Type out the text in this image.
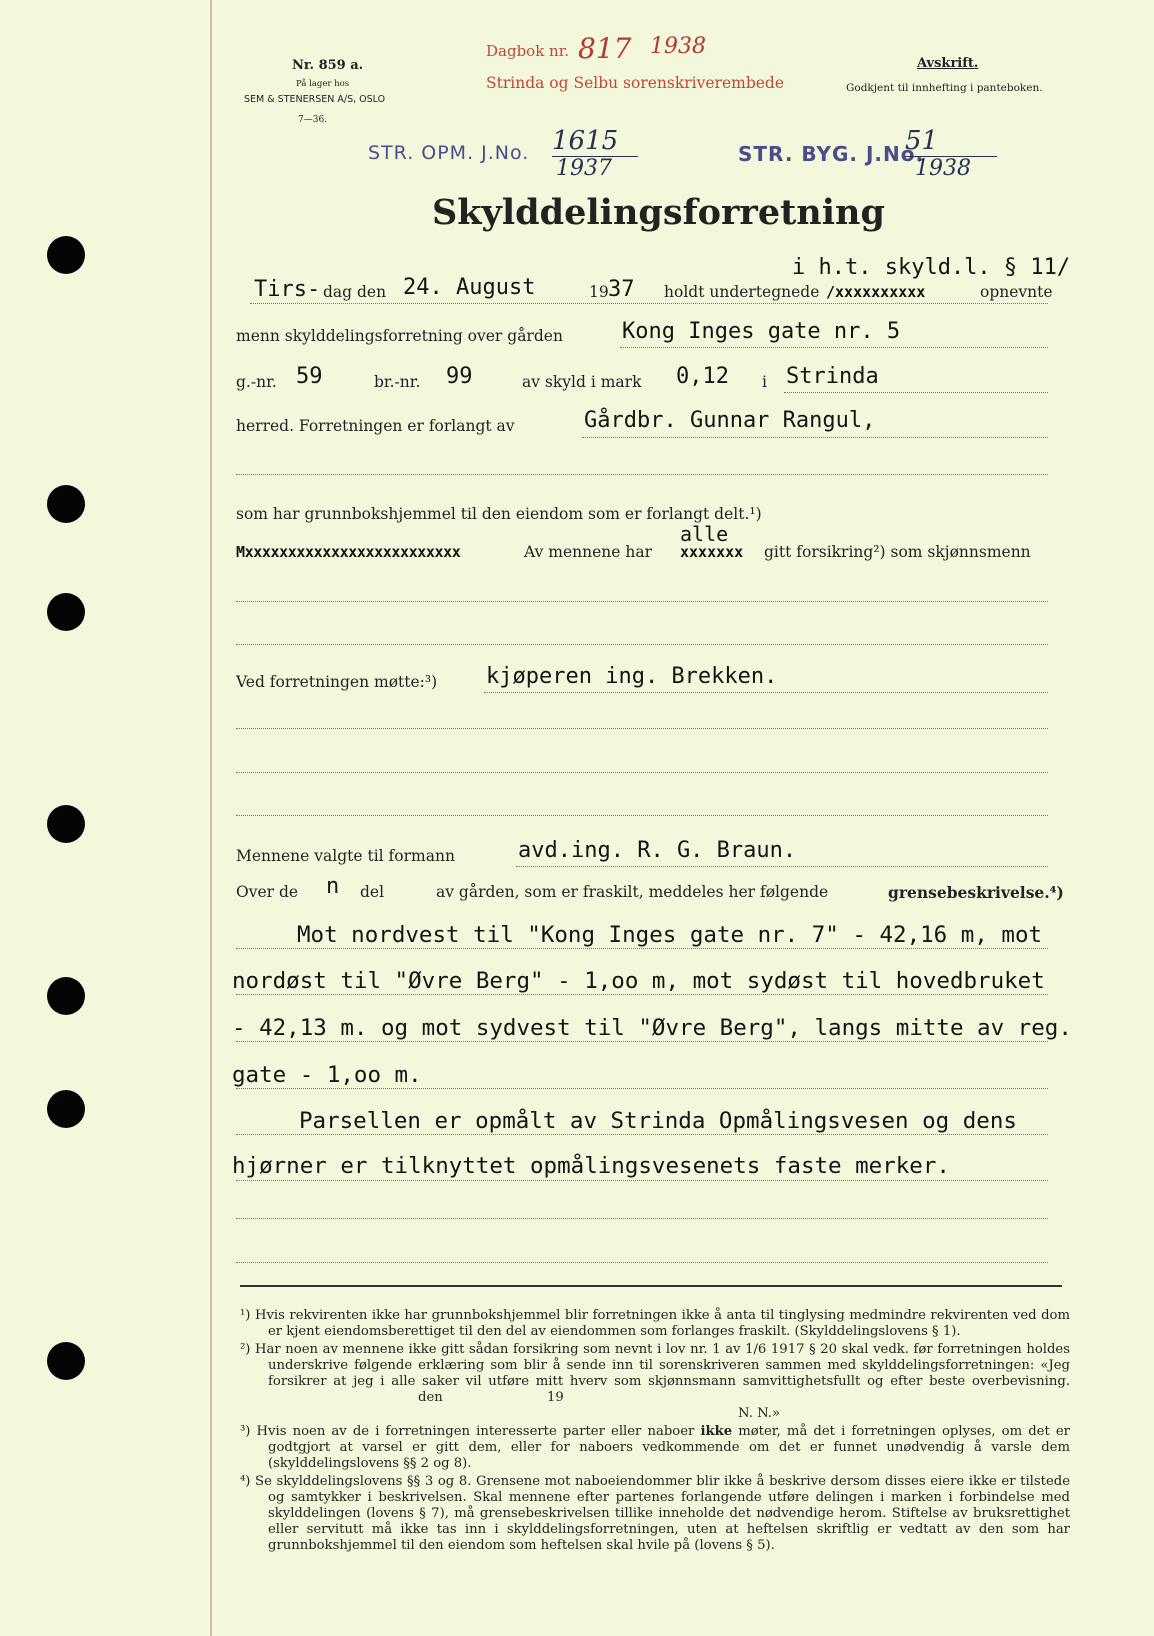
Nr. 859 a.
På lager hos
SEM & STENERSEN A/S, OSLO
7—36.
Dagbok nr. 817 1938
Strinda og Selbu sorenskriverembede
Avskrift.
Godkjent til innhefting i panteboken.
STR. OPM. J.No. 1615
1937
STR. BYG. J.No.
51
1938
Skylddelingsforretning
i h.t. skyld.l. § 11/
Tirs- dag den 24. August	19 37 holdt undertegnede /xxxxxxxxxx	opnevnte
menn skylddelingsforretning over gården	Kong Inges gate nr. 5
g.-nr. 59	br.-nr. 99	av skyld i mark 0,12 i Strinda
herred. Forretningen er forlangt av	Gårdbr. Gunnar Rangul,
som har grunnbokshjemmel til den eiendom som er forlangt delt.¹)
alle
Mxxxxxxxxxxxxxxxxxxxxxxxxx	Av mennene har xxxxxxx gitt forsikring²) som skjønnsmenn
Ved forretningen møtte:³) kjøperen ing. Brekken.
Mennene valgte til formann	avd.ing. R. G. Braun.
Over de n del	av gården, som er fraskilt, meddeles her følgende	grensebeskrivelse.⁴)
Mot nordvest til "Kong Inges gate nr. 7" - 42,16 m, mot
nordøst til "Øvre Berg" - 1,oo m, mot sydøst til hovedbruket
- 42,13 m. og mot sydvest til "Øvre Berg", langs mitte av reg.
gate - 1,oo m.
Parsellen er opmålt av Strinda Opmålingsvesen og dens
hjørner er tilknyttet opmålingsvesenets faste merker.

¹) Hvis rekvirenten ikke har grunnbokshjemmel blir forretningen ikke å anta til tinglysing medmindre rekvirenten ved dom er kjent eiendomsberettiget til den del av eiendommen som forlanges fraskilt. (Skylddelingslovens § 1).

²) Har noen av mennene ikke gitt sådan forsikring som nevnt i lov nr. 1 av 1/6 1917 § 20 skal vedk. før forretningen holdes underskrive følgende erklæring som blir å sende inn til sorenskriveren sammen med skylddelingsforretningen: «Jeg forsikrer at jeg i alle saker vil utføre mitt hverv som skjønnsmann samvittighetsfullt og efter beste overbevisning. den	19
N. N.»

³) Hvis noen av de i forretningen interesserte parter eller naboer ikke møter, må det i forretningen oplyses, om det er godtgjort at varsel er gitt dem, eller for naboers vedkommende om det er funnet unødvendig å varsle dem (skylddelingslovens §§ 2 og 8).

⁴) Se skylddelingslovens §§ 3 og 8. Grensene mot naboeiendommer blir ikke å beskrive dersom disses eiere ikke er tilstede og samtykker i beskrivelsen. Skal mennene efter partenes forlangende utføre delingen i marken i forbindelse med skylddelingen (lovens § 7), må grensebeskrivelsen tillike inneholde det nødvendige herom. Stiftelse av bruksrettighet eller servitutt må ikke tas inn i skylddelingsforretningen, uten at heftelsen skriftlig er vedtatt av den som har grunnbokshjemmel til den eiendom som heftelsen skal hvile på (lovens § 5).
